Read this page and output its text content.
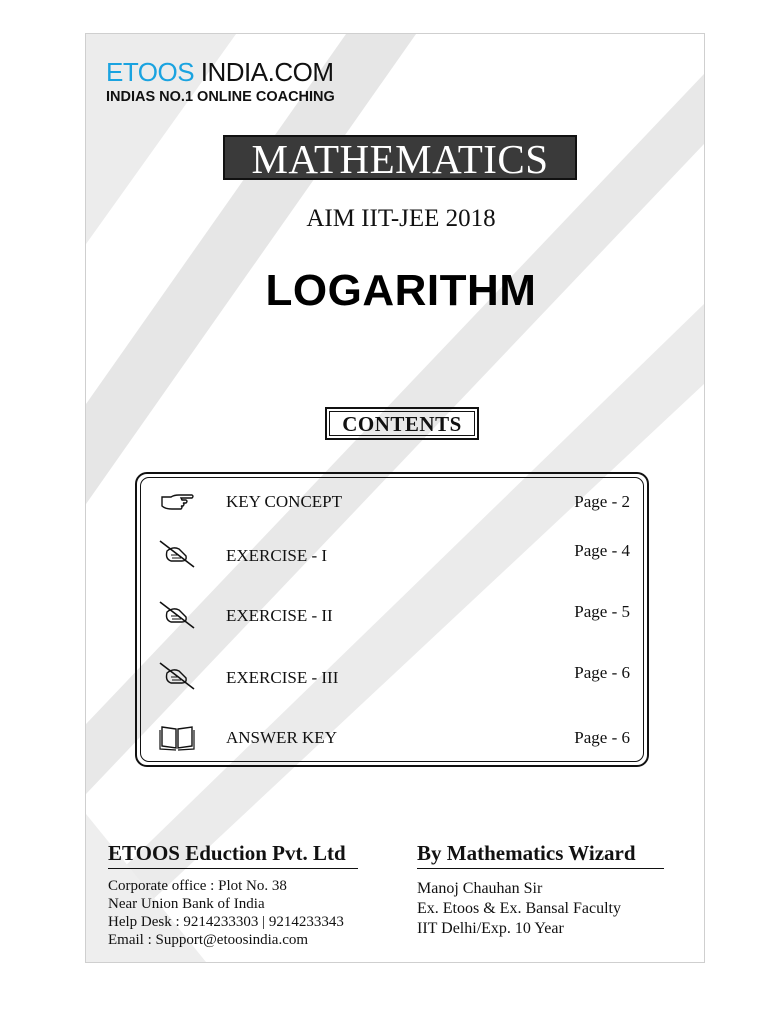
ETOOS INDIA.COM
INDIAS NO.1 ONLINE COACHING
MATHEMATICS
AIM IIT-JEE 2018
LOGARITHM
CONTENTS
KEY CONCEPT	Page - 2
EXERCISE - I	Page - 4
EXERCISE - II	Page - 5
EXERCISE - III	Page - 6
ANSWER KEY	Page - 6
ETOOS Eduction Pvt. Ltd
Corporate office : Plot No. 38
Near Union Bank of India
Help Desk : 9214233303 | 9214233343
Email : Support@etoosindia.com
By Mathematics Wizard
Manoj Chauhan Sir
Ex. Etoos & Ex. Bansal Faculty
IIT Delhi/Exp. 10 Year
